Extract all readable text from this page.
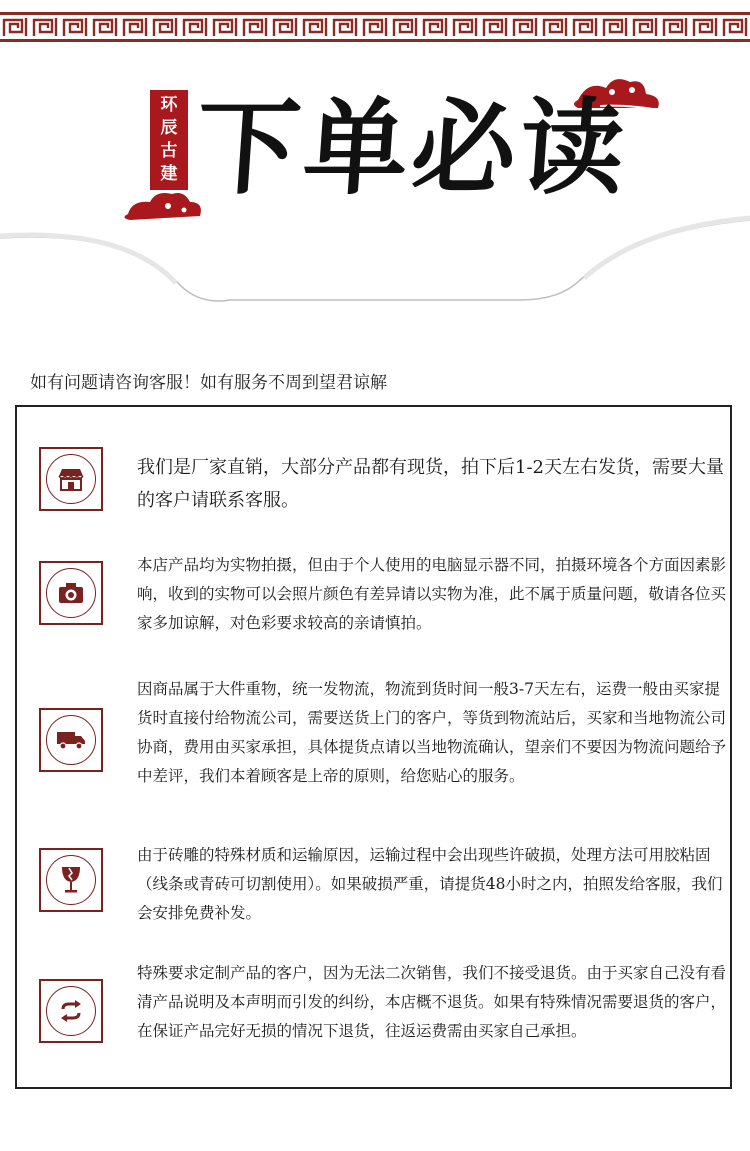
环
辰
古
建 下单必读
如有问题请咨询客服！如有服务不周到望君谅解
我们是厂家直销，大部分产品都有现货，拍下后1-2天左右发货，需要大量的客户请联系客服。
本店产品均为实物拍摄，但由于个人使用的电脑显示器不同，拍摄环境各个方面因素影响，收到的实物可以会照片颜色有差异请以实物为准，此不属于质量问题，敬请各位买家多加谅解，对色彩要求较高的亲请慎拍。
因商品属于大件重物，统一发物流，物流到货时间一般3-7天左右，运费一般由买家提货时直接付给物流公司，需要送货上门的客户，等货到物流站后，买家和当地物流公司协商，费用由买家承担，具体提货点请以当地物流确认，望亲们不要因为物流问题给予中差评，我们本着顾客是上帝的原则，给您贴心的服务。
由于砖雕的特殊材质和运输原因，运输过程中会出现些许破损，处理方法可用胶粘固（线条或青砖可切割使用）。如果破损严重，请提货48小时之内，拍照发给客服，我们会安排免费补发。
特殊要求定制产品的客户，因为无法二次销售，我们不接受退货。由于买家自己没有看清产品说明及本声明而引发的纠纷，本店概不退货。如果有特殊情况需要退货的客户，在保证产品完好无损的情况下退货，往返运费需由买家自己承担。
